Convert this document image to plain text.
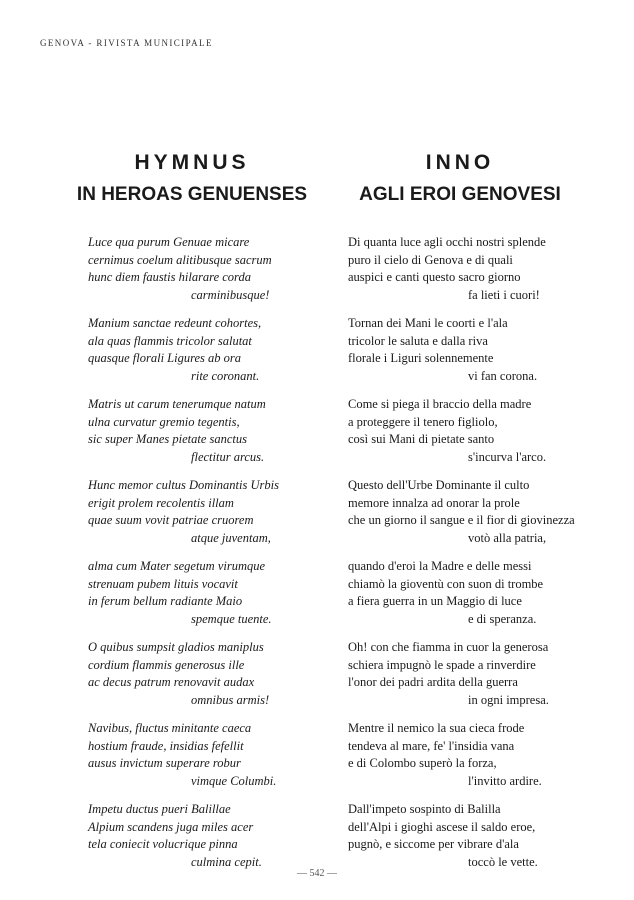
GENOVA - RIVISTA MUNICIPALE
HYMNUS
IN HEROAS GENUENSES
Luce qua purum Genuae micare
cernimus coelum alitibusque sacrum
hunc diem faustis hilarare corda
carminibusque!
Manium sanctae redeunt cohortes,
ala quas flammis tricolor salutat
quasque florali Ligures ab ora
rite coronant.
Matris ut carum tenerumque natum
ulna curvatur gremio tegentis,
sic super Manes pietate sanctus
flectitur arcus.
Hunc memor cultus Dominantis Urbis
erigit prolem recolentis illam
quae suum vovit patriae cruorem
atque juventam,
alma cum Mater segetum virumque
strenuam pubem lituis vocavit
in ferum bellum radiante Maio
spemque tuente.
O quibus sumpsit gladios maniplus
cordium flammis generosus ille
ac decus patrum renovavit audax
omnibus armis!
Navibus, fluctus minitante caeca
hostium fraude, insidias fefellit
ausus invictum superare robur
vimque Columbi.
Impetu ductus pueri Balillae
Alpium scandens juga miles acer
tela coniecit volucrique pinna
culmina cepit.
INNO
AGLI EROI GENOVESI
Di quanta luce agli occhi nostri splende
puro il cielo di Genova e di quali
auspici e canti questo sacro giorno
fa lieti i cuori!
Tornan dei Mani le coorti e l'ala
tricolor le saluta e dalla riva
florale i Liguri solennemente
vi fan corona.
Come si piega il braccio della madre
a proteggere il tenero figliolo,
così sui Mani di pietate santo
s'incurva l'arco.
Questo dell'Urbe Dominante il culto
memore innalza ad onorar la prole
che un giorno il sangue e il fior di giovinezza
votò alla patria,
quando d'eroi la Madre e delle messi
chiamò la gioventù con suon di trombe
a fiera guerra in un Maggio di luce
e di speranza.
Oh! con che fiamma in cuor la generosa
schiera impugnò le spade a rinverdire
l'onor dei padri ardita della guerra
in ogni impresa.
Mentre il nemico la sua cieca frode
tendeva al mare, fe' l'insidia vana
e di Colombo superò la forza,
l'invitto ardire.
Dall'impeto sospinto di Balilla
dell'Alpi i gioghi ascese il saldo eroe,
pugnò, e siccome per vibrare d'ala
toccò le vette.
— 542 —
